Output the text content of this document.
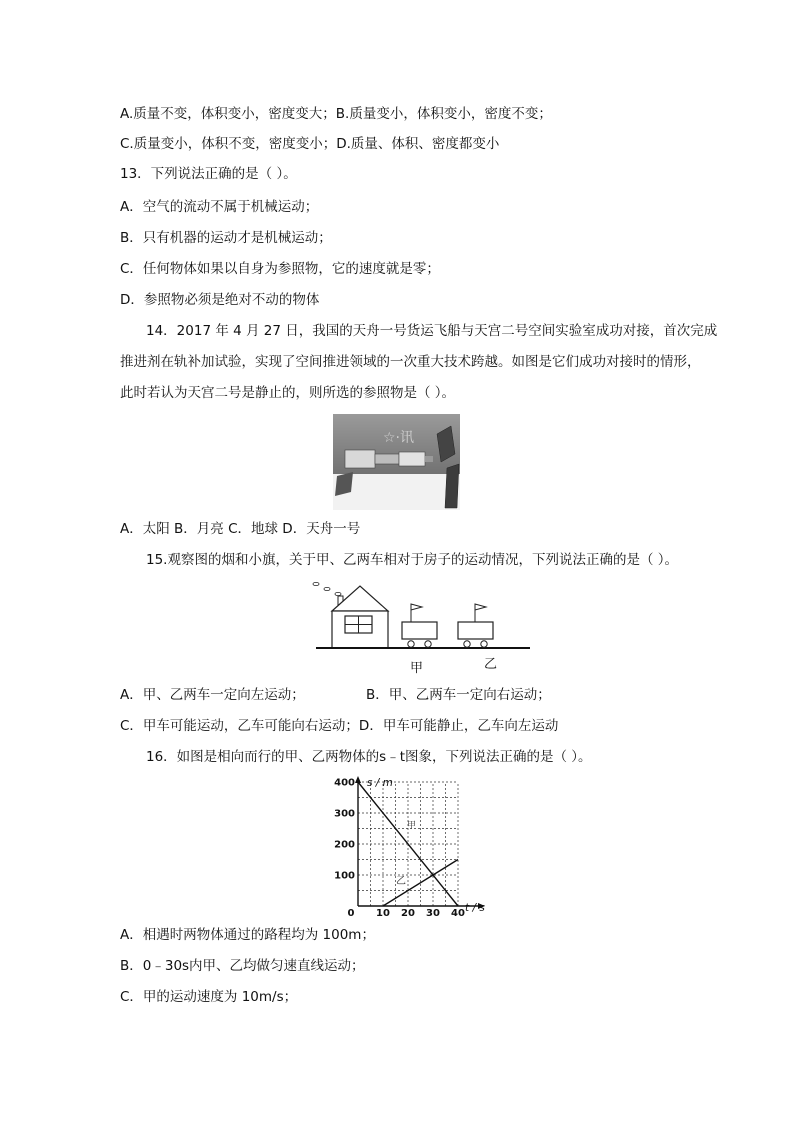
A.质量不变，体积变小，密度变大；B.质量变小，体积变小，密度不变；
C.质量变小，体积不变，密度变小；D.质量、体积、密度都变小
13．下列说法正确的是（ ）。
A．空气的流动不属于机械运动；
B．只有机器的运动才是机械运动；
C．任何物体如果以自身为参照物，它的速度就是零；
D．参照物必须是绝对不动的物体
14．2017 年 4 月 27 日，我国的天舟一号货运飞船与天宫二号空间实验室成功对接，首次完成
推进剂在轨补加试验，实现了空间推进领域的一次重大技术跨越。如图是它们成功对接时的情形，
此时若认为天宫二号是静止的，则所选的参照物是（ ）。
☆·讯
A．太阳 B．月亮 C．地球 D．天舟一号
15.观察图的烟和小旗，关于甲、乙两车相对于房子的运动情况，下列说法正确的是（ ）。
甲	乙
A．甲、乙两车一定向左运动；	B．甲、乙两车一定向右运动；
C．甲车可能运动，乙车可能向右运动；D．甲车可能静止，乙车向左运动
16．如图是相向而行的甲、乙两物体的s﹣t图象，下列说法正确的是（ ）。
0 10 20 30 40
100
200
300
400 s / m
t / s
甲
乙
A．相遇时两物体通过的路程均为 100m；
B．0﹣30s内甲、乙均做匀速直线运动；
C．甲的运动速度为 10m/s；
